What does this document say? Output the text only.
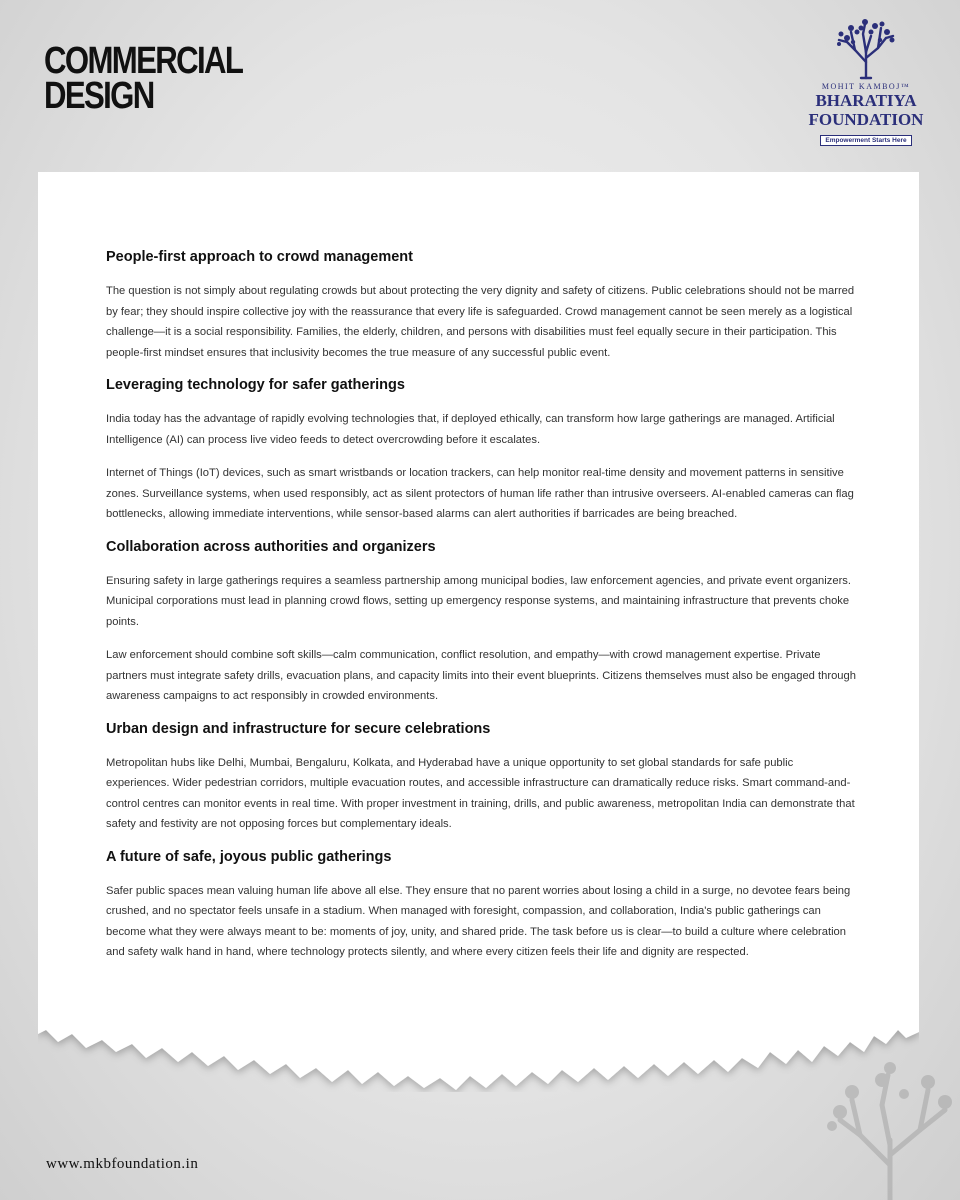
COMMERCIAL
DESIGN	MOHIT KAMBOJ™
BHARATIYA
FOUNDATION
Empowerment Starts Here
People-first approach to crowd management

The question is not simply about regulating crowds but about protecting the very dignity and safety of citizens. Public celebrations should not be marred by fear; they should inspire collective joy with the reassurance that every life is safeguarded. Crowd management cannot be seen merely as a logistical challenge—it is a social responsibility. Families, the elderly, children, and persons with disabilities must feel equally secure in their participation. This people-first mindset ensures that inclusivity becomes the true measure of any successful public event.

Leveraging technology for safer gatherings

India today has the advantage of rapidly evolving technologies that, if deployed ethically, can transform how large gatherings are managed. Artificial Intelligence (AI) can process live video feeds to detect overcrowding before it escalates.

Internet of Things (IoT) devices, such as smart wristbands or location trackers, can help monitor real-time density and movement patterns in sensitive zones. Surveillance systems, when used responsibly, act as silent protectors of human life rather than intrusive overseers. AI-enabled cameras can flag bottlenecks, allowing immediate interventions, while sensor-based alarms can alert authorities if barricades are being breached.

Collaboration across authorities and organizers

Ensuring safety in large gatherings requires a seamless partnership among municipal bodies, law enforcement agencies, and private event organizers. Municipal corporations must lead in planning crowd flows, setting up emergency response systems, and maintaining infrastructure that prevents choke points.

Law enforcement should combine soft skills—calm communication, conflict resolution, and empathy—with crowd management expertise. Private partners must integrate safety drills, evacuation plans, and capacity limits into their event blueprints. Citizens themselves must also be engaged through awareness campaigns to act responsibly in crowded environments.

Urban design and infrastructure for secure celebrations

Metropolitan hubs like Delhi, Mumbai, Bengaluru, Kolkata, and Hyderabad have a unique opportunity to set global standards for safe public experiences. Wider pedestrian corridors, multiple evacuation routes, and accessible infrastructure can dramatically reduce risks. Smart command-and-control centres can monitor events in real time. With proper investment in training, drills, and public awareness, metropolitan India can demonstrate that safety and festivity are not opposing forces but complementary ideals.

A future of safe, joyous public gatherings

Safer public spaces mean valuing human life above all else. They ensure that no parent worries about losing a child in a surge, no devotee fears being crushed, and no spectator feels unsafe in a stadium. When managed with foresight, compassion, and collaboration, India's public gatherings can become what they were always meant to be: moments of joy, unity, and shared pride. The task before us is clear—to build a culture where celebration and safety walk hand in hand, where technology protects silently, and where every citizen feels their life and dignity are respected.

www.mkbfoundation.in
